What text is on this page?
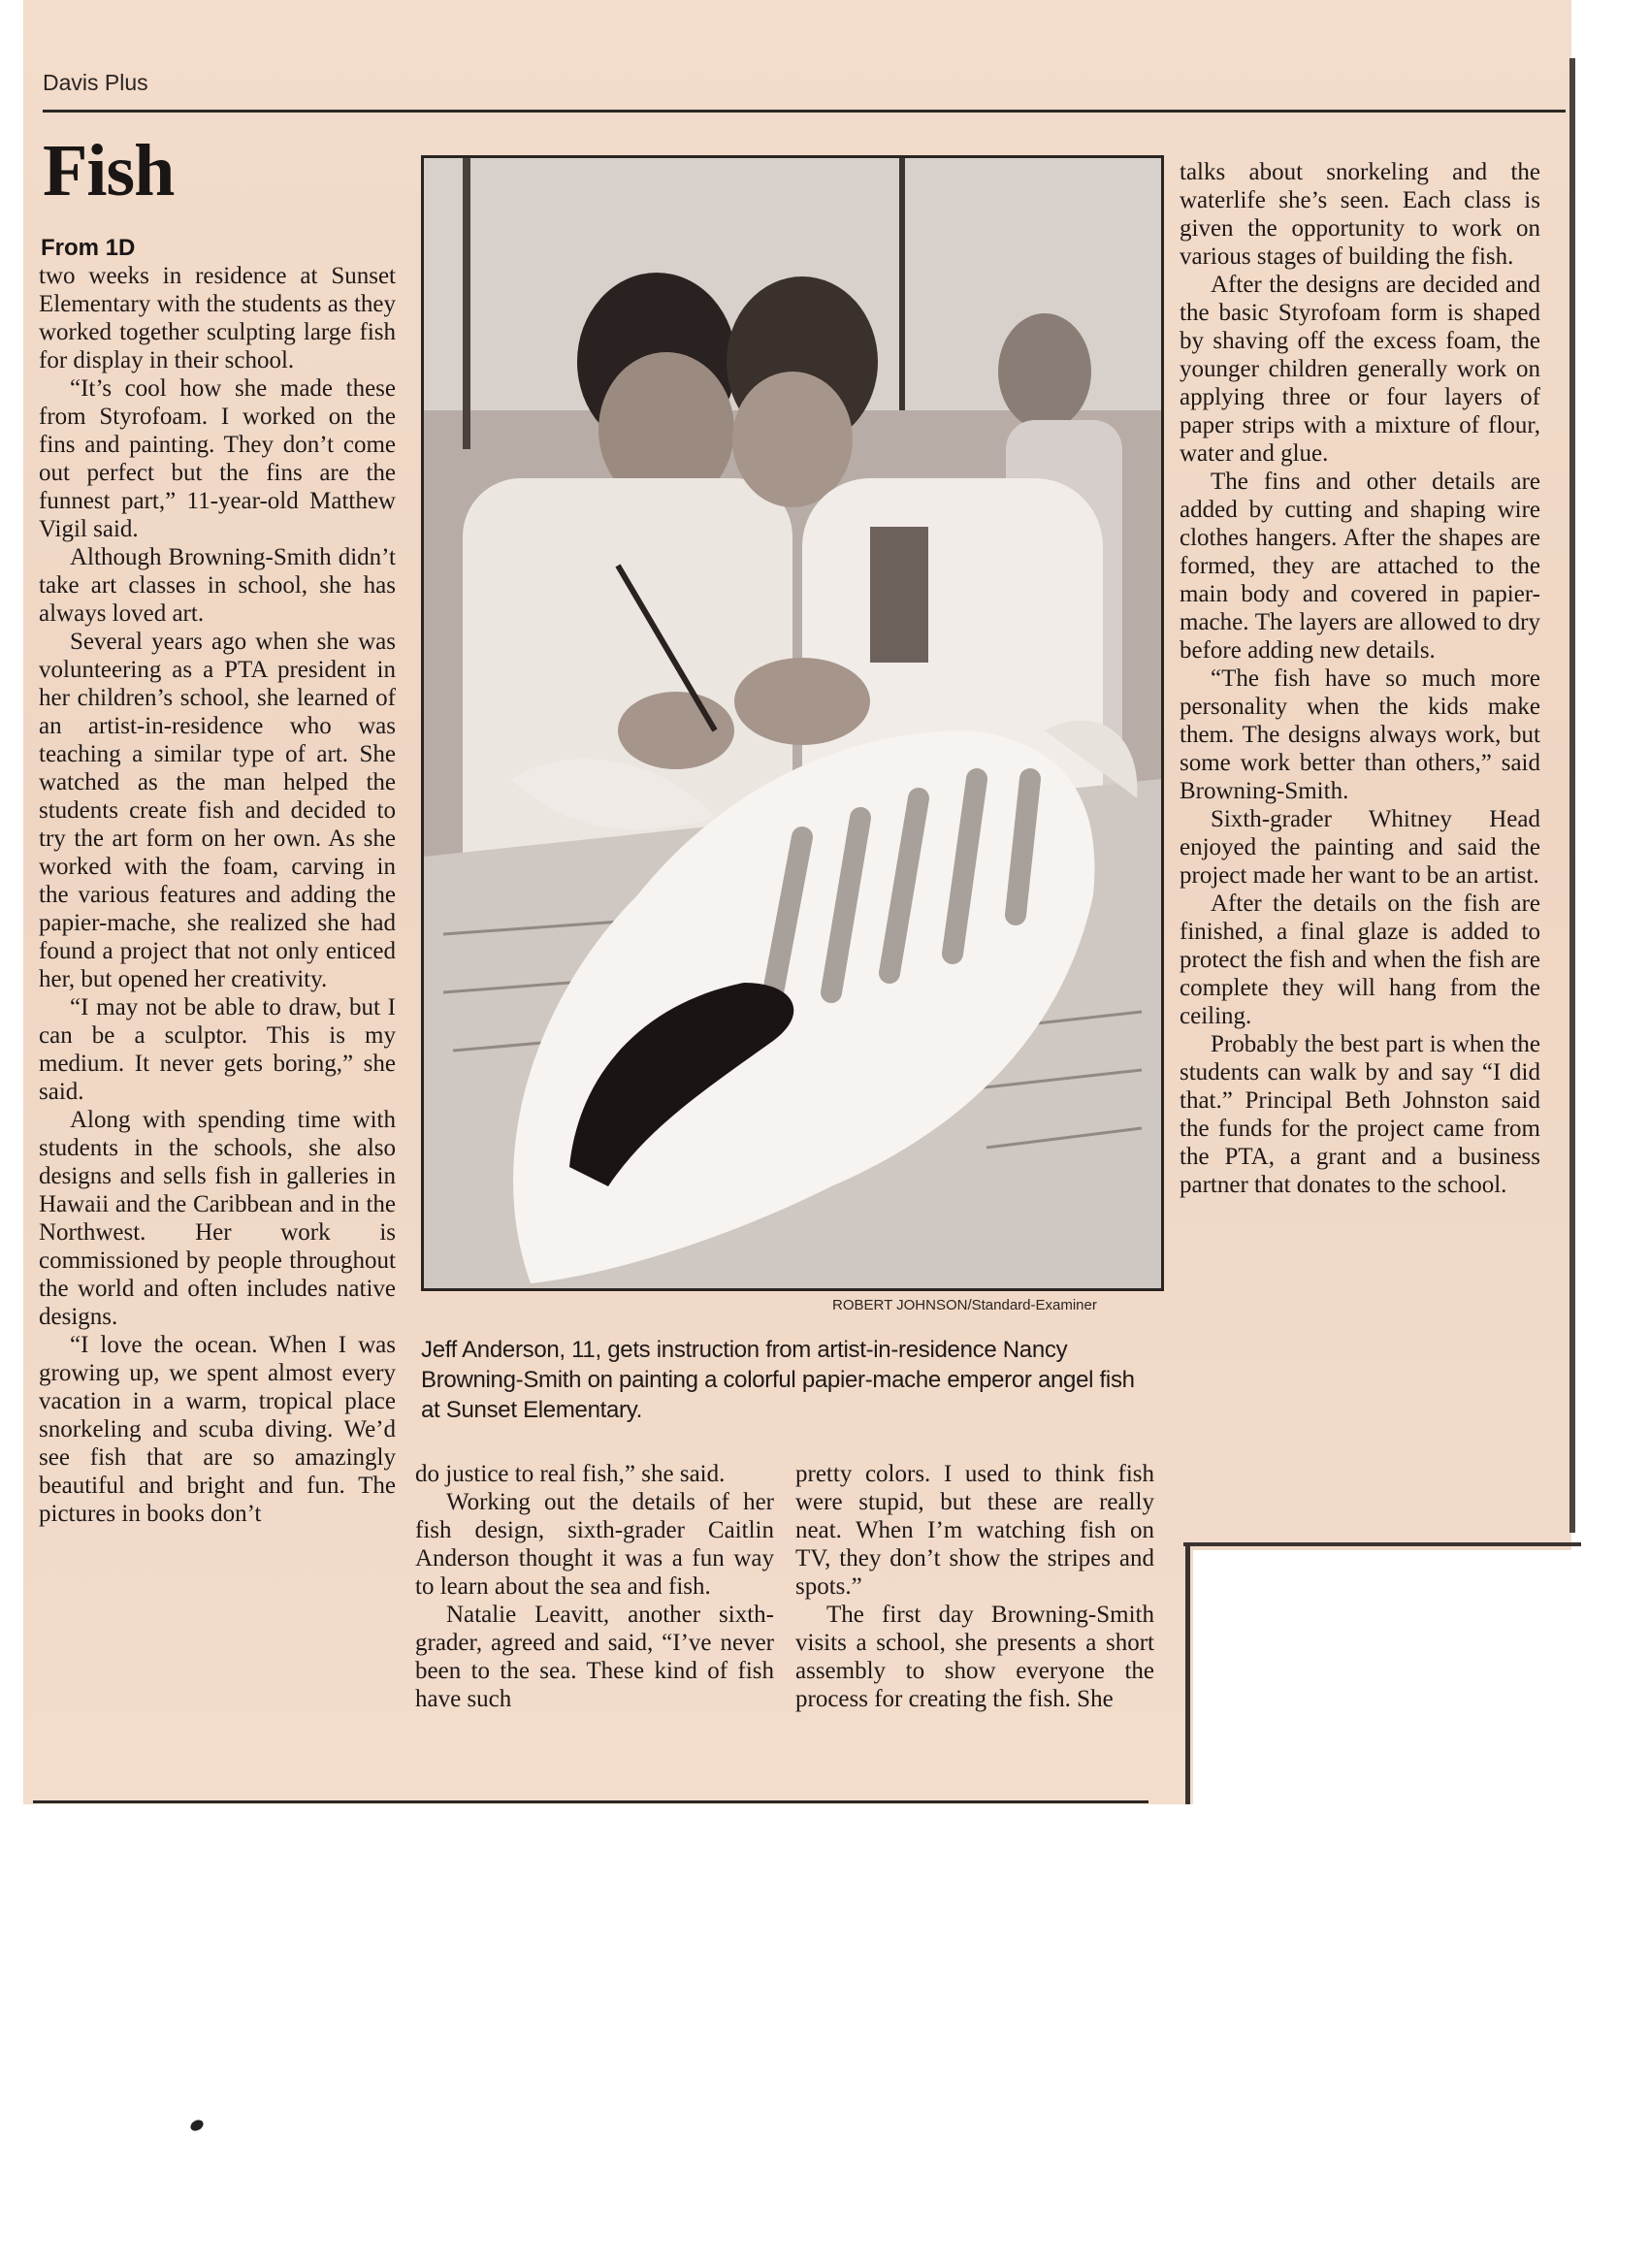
Davis Plus
Fish
From 1D

two weeks in residence at Sunset Elementary with the students as they worked together sculpting large fish for display in their school.

“It’s cool how she made these from Styrofoam. I worked on the fins and painting. They don’t come out perfect but the fins are the funnest part,” 11-year-old Matthew Vigil said.

Although Browning-Smith didn’t take art classes in school, she has always loved art.

Several years ago when she was volunteering as a PTA president in her children’s school, she learned of an artist-in-residence who was teaching a similar type of art. She watched as the man helped the students create fish and decided to try the art form on her own. As she worked with the foam, carving in the various features and adding the papier-mache, she realized she had found a project that not only enticed her, but opened her creativity.

“I may not be able to draw, but I can be a sculptor. This is my medium. It never gets boring,” she said.

Along with spending time with students in the schools, she also designs and sells fish in galleries in Hawaii and the Caribbean and in the Northwest. Her work is commissioned by people throughout the world and often includes native designs.

“I love the ocean. When I was growing up, we spent almost every vacation in a warm, tropical place snorkeling and scuba diving. We’d see fish that are so amazingly beautiful and bright and fun. The pictures in books don’t

ROBERT JOHNSON/Standard-Examiner
Jeff Anderson, 11, gets instruction from artist-in-residence Nancy Browning-Smith on painting a colorful papier-mache emperor angel fish at Sunset Elementary.

do justice to real fish,” she said.

Working out the details of her fish design, sixth-grader Caitlin Anderson thought it was a fun way to learn about the sea and fish.

Natalie Leavitt, another sixth-grader, agreed and said, “I’ve never been to the sea. These kind of fish have such

pretty colors. I used to think fish were stupid, but these are really neat. When I’m watching fish on TV, they don’t show the stripes and spots.”

The first day Browning-Smith visits a school, she presents a short assembly to show everyone the process for creating the fish. She

talks about snorkeling and the waterlife she’s seen. Each class is given the opportunity to work on various stages of building the fish.

After the designs are decided and the basic Styrofoam form is shaped by shaving off the excess foam, the younger children generally work on applying three or four layers of paper strips with a mixture of flour, water and glue.

The fins and other details are added by cutting and shaping wire clothes hangers. After the shapes are formed, they are attached to the main body and covered in papier-mache. The layers are allowed to dry before adding new details.

“The fish have so much more personality when the kids make them. The designs always work, but some work better than others,” said Browning-Smith.

Sixth-grader Whitney Head enjoyed the painting and said the project made her want to be an artist.

After the details on the fish are finished, a final glaze is added to protect the fish and when the fish are complete they will hang from the ceiling.

Probably the best part is when the students can walk by and say “I did that.” Principal Beth Johnston said the funds for the project came from the PTA, a grant and a business partner that donates to the school.
